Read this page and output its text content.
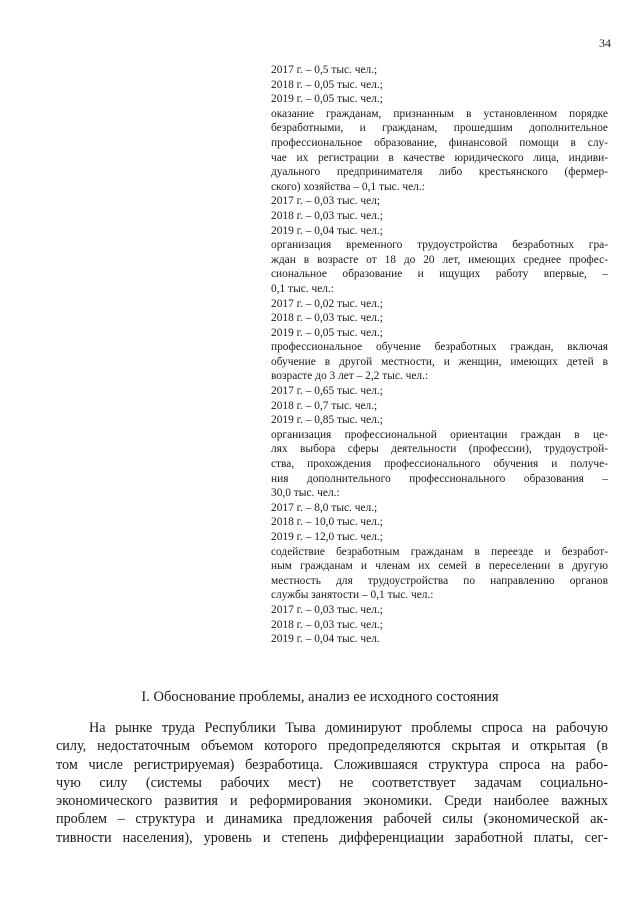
34
2017 г. – 0,5 тыс. чел.;
2018 г. – 0,05 тыс. чел.;
2019 г. – 0,05 тыс. чел.;
оказание гражданам, признанным в установленном порядке
безработными, и гражданам, прошедшим дополнительное
профессиональное образование, финансовой помощи в слу-
чае их регистрации в качестве юридического лица, индиви-
дуального предпринимателя либо крестьянского (фермер-
ского) хозяйства – 0,1 тыс. чел.:
2017 г. – 0,03 тыс. чел;
2018 г. – 0,03 тыс. чел.;
2019 г. – 0,04 тыс. чел.;
организация временного трудоустройства безработных гра-
ждан в возрасте от 18 до 20 лет, имеющих среднее профес-
сиональное образование и ищущих работу впервые, –
0,1 тыс. чел.:
2017 г. – 0,02 тыс. чел.;
2018 г. – 0,03 тыс. чел.;
2019 г. – 0,05 тыс. чел.;
профессиональное обучение безработных граждан, включая
обучение в другой местности, и женщин, имеющих детей в
возрасте до 3 лет – 2,2 тыс. чел.:
2017 г. – 0,65 тыс. чел.;
2018 г. – 0,7 тыс. чел.;
2019 г. – 0,85 тыс. чел.;
организация профессиональной ориентации граждан в це-
лях выбора сферы деятельности (профессии), трудоустрой-
ства, прохождения профессионального обучения и получе-
ния дополнительного профессионального образования –
30,0 тыс. чел.:
2017 г. – 8,0 тыс. чел.;
2018 г. – 10,0 тыс. чел.;
2019 г. – 12,0 тыс. чел.;
содействие безработным гражданам в переезде и безработ-
ным гражданам и членам их семей в переселении в другую
местность для трудоустройства по направлению органов
службы занятости – 0,1 тыс. чел.:
2017 г. – 0,03 тыс. чел.;
2018 г. – 0,03 тыс. чел.;
2019 г. – 0,04 тыс. чел.
I. Обоснование проблемы, анализ ее исходного состояния
На рынке труда Республики Тыва доминируют проблемы спроса на рабочую
силу, недостаточным объемом которого предопределяются скрытая и открытая (в
том числе регистрируемая) безработица. Сложившаяся структура спроса на рабо-
чую силу (системы рабочих мест) не соответствует задачам социально-
экономического развития и реформирования экономики. Среди наиболее важных
проблем – структура и динамика предложения рабочей силы (экономической ак-
тивности населения), уровень и степень дифференциации заработной платы, сег-
